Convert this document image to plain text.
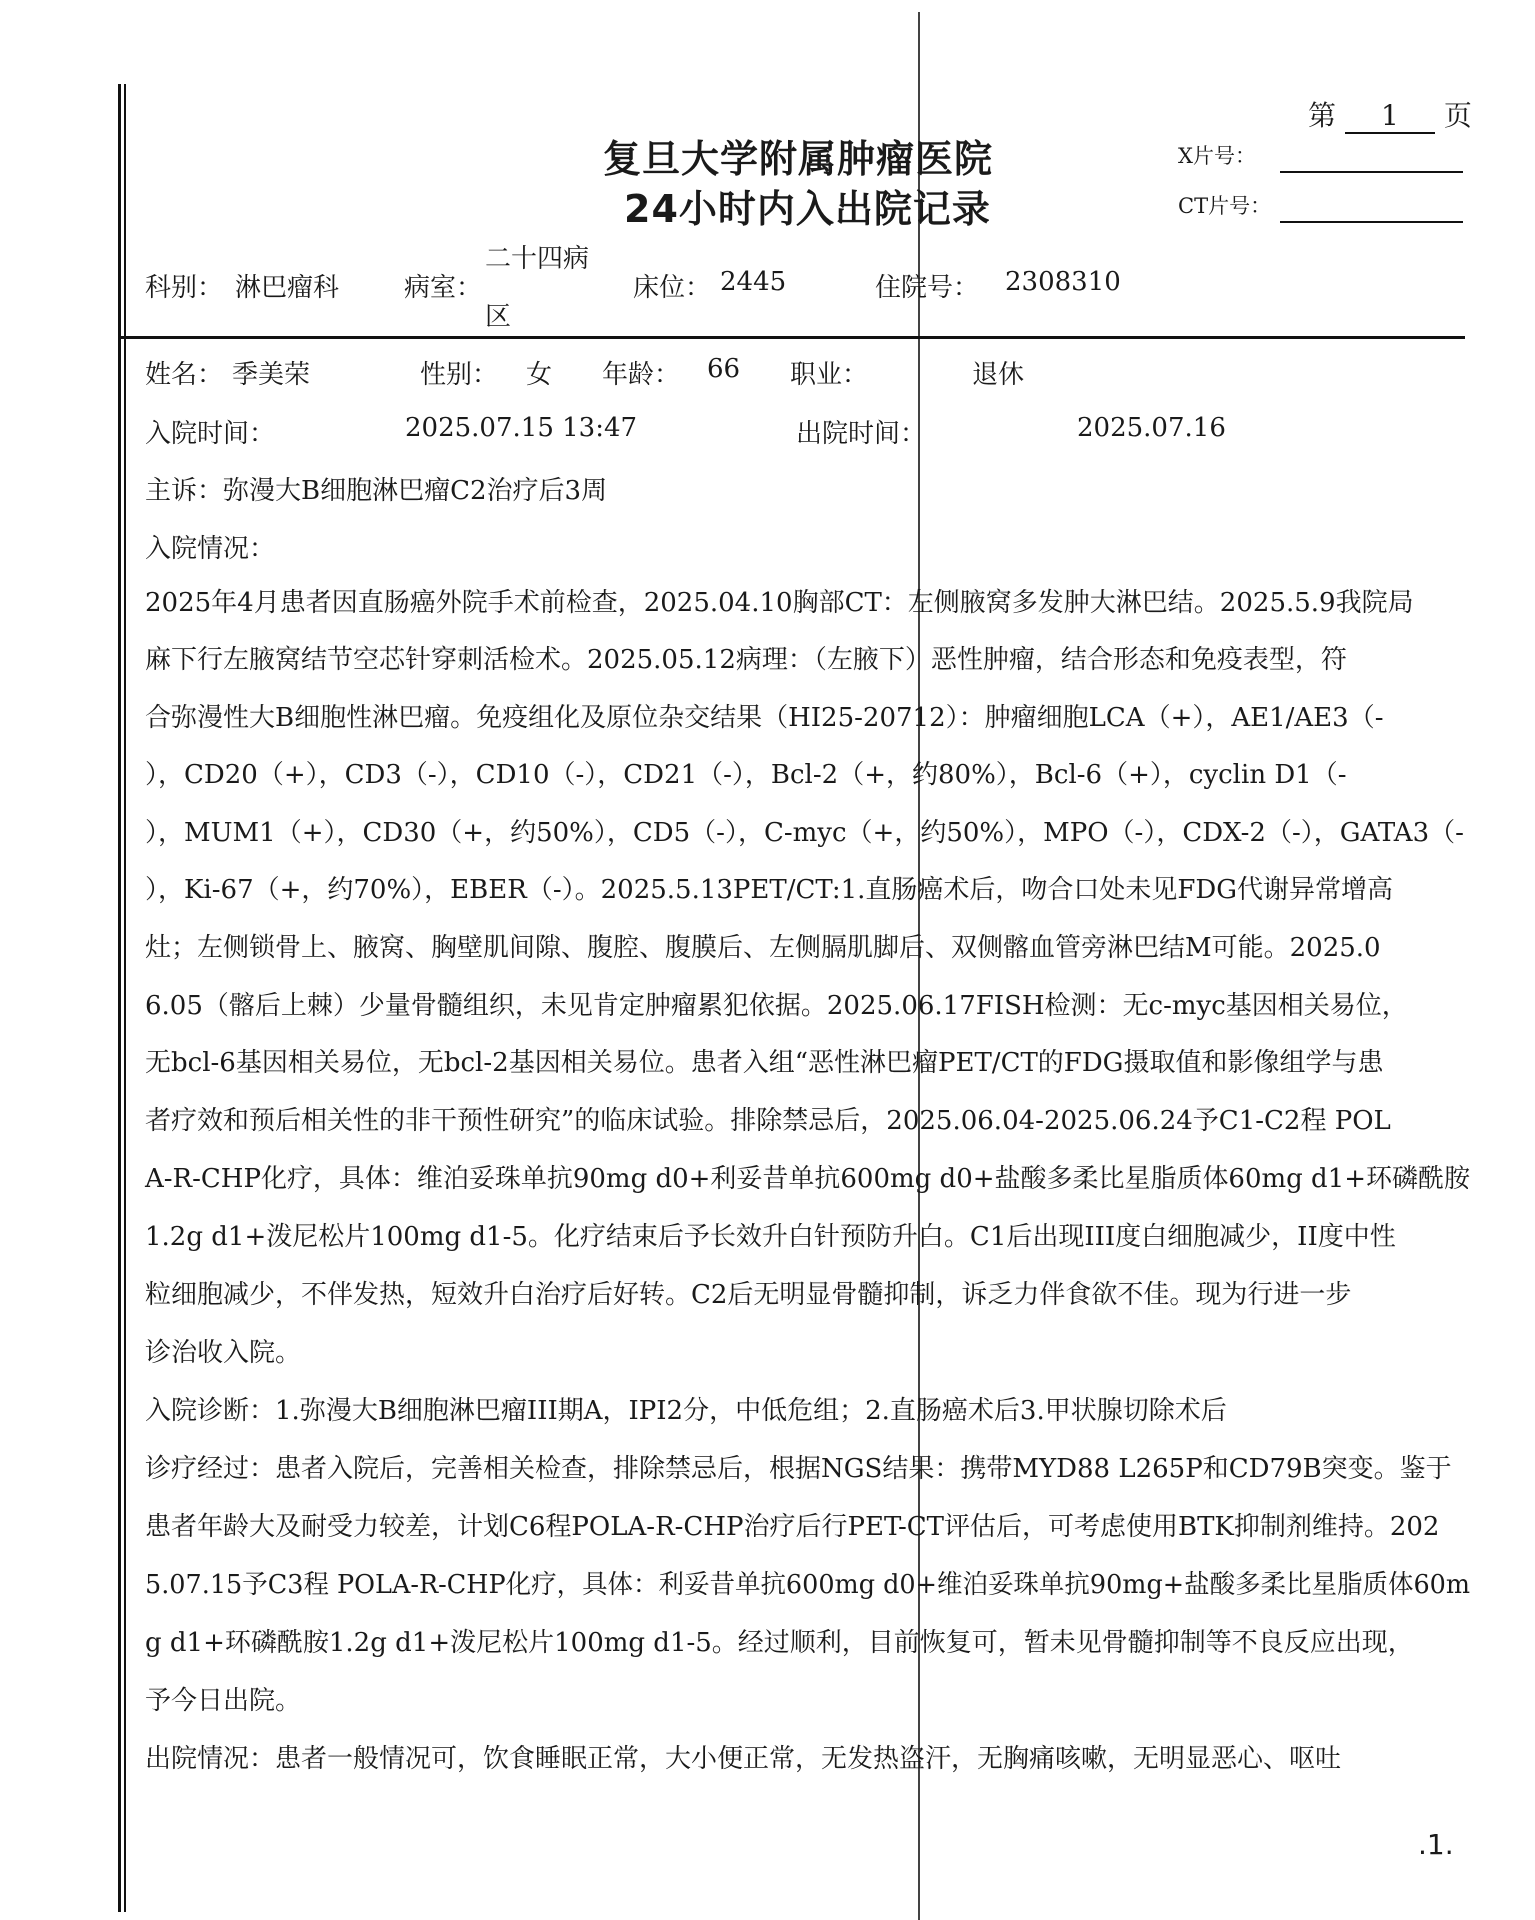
第 1 页
复旦大学附属肿瘤医院
24小时内入出院记录
X片号：
CT片号：
科别： 淋巴瘤科 病室：
二十四病
区
床位： 2445	住院号： 2308310
姓名： 季美荣	性别： 女 年龄： 66 职业：	退休
入院时间：	2025.07.15 13:47	出院时间：	2025.07.16
主诉：弥漫大B细胞淋巴瘤C2治疗后3周
入院情况：
2025年4月患者因直肠癌外院手术前检查，2025.04.10胸部CT：左侧腋窝多发肿大淋巴结。2025.5.9我院局
麻下行左腋窝结节空芯针穿刺活检术。2025.05.12病理：（左腋下）恶性肿瘤，结合形态和免疫表型，符
合弥漫性大B细胞性淋巴瘤。免疫组化及原位杂交结果（HI25-20712）：肿瘤细胞LCA（+），AE1/AE3（-
），CD20（+），CD3（-），CD10（-），CD21（-），Bcl-2（+，约80%），Bcl-6（+），cyclin D1（-
），MUM1（+），CD30（+，约50%），CD5（-），C-myc（+，约50%），MPO（-），CDX-2（-），GATA3（-
），Ki-67（+，约70%），EBER（-）。2025.5.13PET/CT:1.直肠癌术后，吻合口处未见FDG代谢异常增高
灶；左侧锁骨上、腋窝、胸壁肌间隙、腹腔、腹膜后、左侧膈肌脚后、双侧髂血管旁淋巴结M可能。2025.0
6.05（髂后上棘）少量骨髓组织，未见肯定肿瘤累犯依据。2025.06.17FISH检测：无c-myc基因相关易位，
无bcl-6基因相关易位，无bcl-2基因相关易位。患者入组“恶性淋巴瘤PET/CT的FDG摄取值和影像组学与患
者疗效和预后相关性的非干预性研究”的临床试验。排除禁忌后，2025.06.04-2025.06.24予C1-C2程 POL
A-R-CHP化疗，具体：维泊妥珠单抗90mg d0+利妥昔单抗600mg d0+盐酸多柔比星脂质体60mg d1+环磷酰胺
1.2g d1+泼尼松片100mg d1-5。化疗结束后予长效升白针预防升白。C1后出现III度白细胞减少，II度中性
粒细胞减少，不伴发热，短效升白治疗后好转。C2后无明显骨髓抑制，诉乏力伴食欲不佳。现为行进一步
诊治收入院。
入院诊断：1.弥漫大B细胞淋巴瘤III期A，IPI2分，中低危组；2.直肠癌术后3.甲状腺切除术后
诊疗经过：患者入院后，完善相关检查，排除禁忌后，根据NGS结果：携带MYD88 L265P和CD79B突变。鉴于
患者年龄大及耐受力较差，计划C6程POLA-R-CHP治疗后行PET-CT评估后，可考虑使用BTK抑制剂维持。202
5.07.15予C3程 POLA-R-CHP化疗，具体：利妥昔单抗600mg d0+维泊妥珠单抗90mg+盐酸多柔比星脂质体60m
g d1+环磷酰胺1.2g d1+泼尼松片100mg d1-5。经过顺利，目前恢复可，暂未见骨髓抑制等不良反应出现，
予今日出院。
出院情况：患者一般情况可，饮食睡眠正常，大小便正常，无发热盗汗，无胸痛咳嗽，无明显恶心、呕吐
.1.
